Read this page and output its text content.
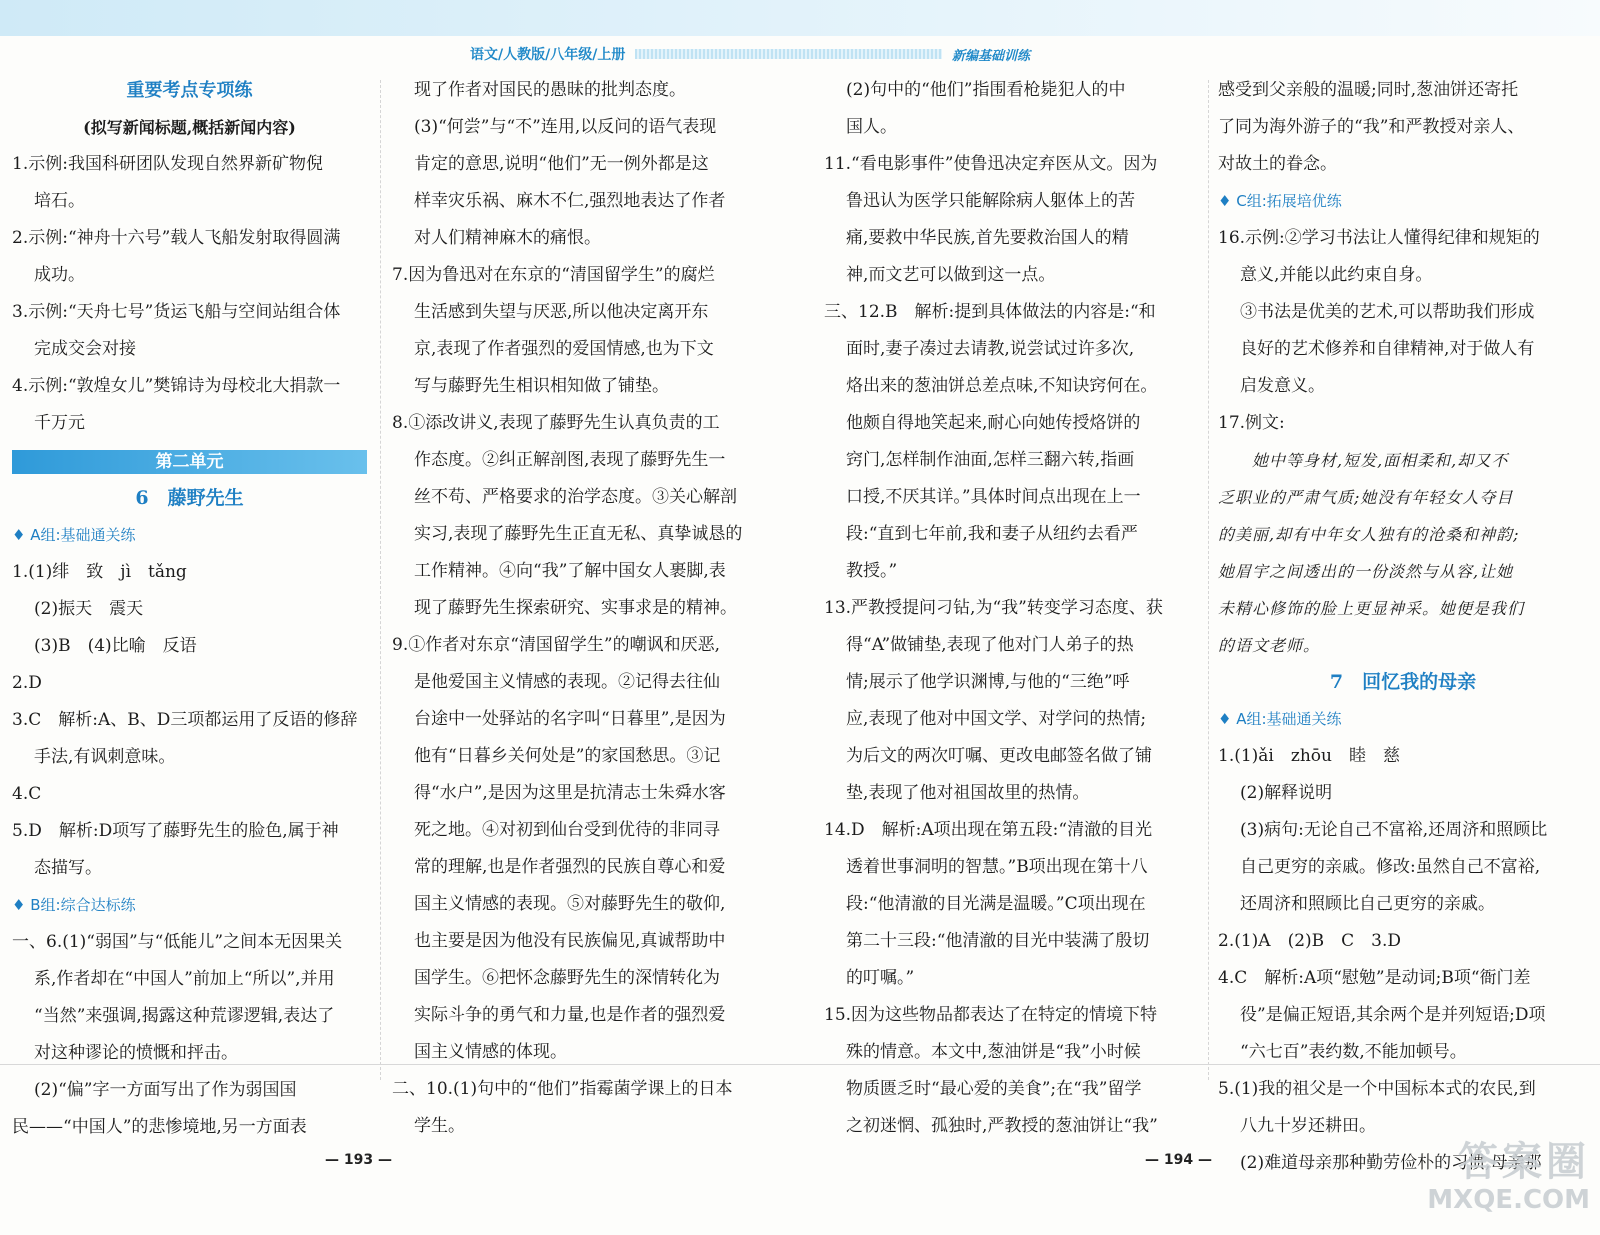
语文/人教版/八年级/上册	新编基础训练

重要考点专项练

(拟写新闻标题,概括新闻内容)

1.示例:我国科研团队发现自然界新矿物倪

培石。

2.示例:“神舟十六号”载人飞船发射取得圆满

成功。

3.示例:“天舟七号”货运飞船与空间站组合体

完成交会对接

4.示例:“敦煌女儿”樊锦诗为母校北大捐款一

千万元

第二单元

6　藤野先生

♦ A组:基础通关练

1.(1)绯　致　jì　tǎng

(2)振天　震天

(3)B　(4)比喻　反语

2.D

3.C　解析:A、B、D三项都运用了反语的修辞

手法,有讽刺意味。

4.C

5.D　解析:D项写了藤野先生的脸色,属于神

态描写。

♦ B组:综合达标练

一、6.(1)“弱国”与“低能儿”之间本无因果关

系,作者却在“中国人”前加上“所以”,并用

“当然”来强调,揭露这种荒谬逻辑,表达了

对这种谬论的愤慨和抨击。

(2)“偏”字一方面写出了作为弱国国

民——“中国人”的悲惨境地,另一方面表

现了作者对国民的愚昧的批判态度。

(3)“何尝”与“不”连用,以反问的语气表现

肯定的意思,说明“他们”无一例外都是这

样幸灾乐祸、麻木不仁,强烈地表达了作者

对人们精神麻木的痛恨。

7.因为鲁迅对在东京的“清国留学生”的腐烂

生活感到失望与厌恶,所以他决定离开东

京,表现了作者强烈的爱国情感,也为下文

写与藤野先生相识相知做了铺垫。

8.①添改讲义,表现了藤野先生认真负责的工

作态度。②纠正解剖图,表现了藤野先生一

丝不苟、严格要求的治学态度。③关心解剖

实习,表现了藤野先生正直无私、真挚诚恳的

工作精神。④向“我”了解中国女人裹脚,表

现了藤野先生探索研究、实事求是的精神。

9.①作者对东京“清国留学生”的嘲讽和厌恶,

是他爱国主义情感的表现。②记得去往仙

台途中一处驿站的名字叫“日暮里”,是因为

他有“日暮乡关何处是”的家国愁思。③记

得“水户”,是因为这里是抗清志士朱舜水客

死之地。④对初到仙台受到优待的非同寻

常的理解,也是作者强烈的民族自尊心和爱

国主义情感的表现。⑤对藤野先生的敬仰,

也主要是因为他没有民族偏见,真诚帮助中

国学生。⑥把怀念藤野先生的深情转化为

实际斗争的勇气和力量,也是作者的强烈爱

国主义情感的体现。

二、10.(1)句中的“他们”指霉菌学课上的日本

学生。

(2)句中的“他们”指围看枪毙犯人的中

国人。

11.“看电影事件”使鲁迅决定弃医从文。因为

鲁迅认为医学只能解除病人躯体上的苦

痛,要救中华民族,首先要救治国人的精

神,而文艺可以做到这一点。

三、12.B　解析:提到具体做法的内容是:“和

面时,妻子凑过去请教,说尝试过许多次,

烙出来的葱油饼总差点味,不知诀窍何在。

他颇自得地笑起来,耐心向她传授烙饼的

窍门,怎样制作油面,怎样三翻六转,指画

口授,不厌其详。”具体时间点出现在上一

段:“直到七年前,我和妻子从纽约去看严

教授。”

13.严教授提问刁钻,为“我”转变学习态度、获

得“A”做铺垫,表现了他对门人弟子的热

情;展示了他学识渊博,与他的“三绝”呼

应,表现了他对中国文学、对学问的热情;

为后文的两次叮嘱、更改电邮签名做了铺

垫,表现了他对祖国故里的热情。

14.D　解析:A项出现在第五段:“清澈的目光

透着世事洞明的智慧。”B项出现在第十八

段:“他清澈的目光满是温暖。”C项出现在

第二十三段:“他清澈的目光中装满了殷切

的叮嘱。”

15.因为这些物品都表达了在特定的情境下特

殊的情意。本文中,葱油饼是“我”小时候

物质匮乏时“最心爱的美食”;在“我”留学

之初迷惘、孤独时,严教授的葱油饼让“我”

感受到父亲般的温暖;同时,葱油饼还寄托

了同为海外游子的“我”和严教授对亲人、

对故土的眷念。

♦ C组:拓展培优练

16.示例:②学习书法让人懂得纪律和规矩的

意义,并能以此约束自身。

③书法是优美的艺术,可以帮助我们形成

良好的艺术修养和自律精神,对于做人有

启发意义。

17.例文:

她中等身材,短发,面相柔和,却又不

乏职业的严肃气质;她没有年轻女人夺目

的美丽,却有中年女人独有的沧桑和神韵;

她眉宇之间透出的一份淡然与从容,让她

未精心修饰的脸上更显神采。她便是我们

的语文老师。

7　回忆我的母亲

♦ A组:基础通关练

1.(1)ǎi　zhōu　睦　慈

(2)解释说明

(3)病句:无论自己不富裕,还周济和照顾比

自己更穷的亲戚。修改:虽然自己不富裕,

还周济和照顾比自己更穷的亲戚。

2.(1)A　(2)B　C　3.D

4.C　解析:A项“慰勉”是动词;B项“衙门差

役”是偏正短语,其余两个是并列短语;D项

“六七百”表约数,不能加顿号。

5.(1)我的祖父是一个中国标本式的农民,到

八九十岁还耕田。

(2)难道母亲那种勤劳俭朴的习惯,母亲那

— 193 —	— 194 —	答案圈
MXQE.COM
